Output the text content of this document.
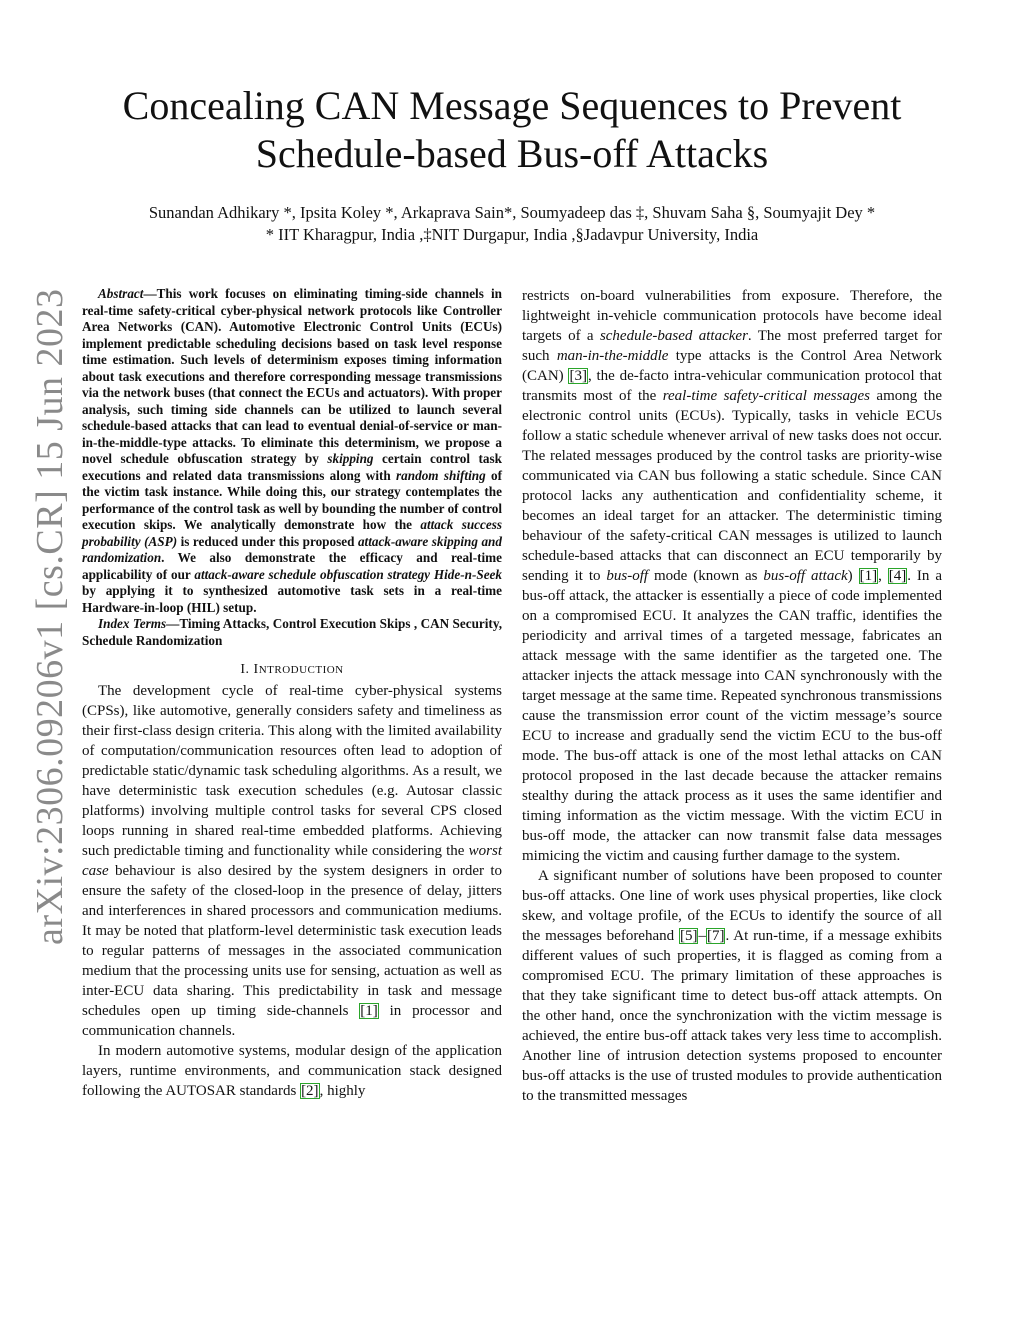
arXiv:2306.09206v1 [cs.CR] 15 Jun 2023
Concealing CAN Message Sequences to Prevent
Schedule-based Bus-off Attacks
Sunandan Adhikary *, Ipsita Koley *, Arkaprava Sain*, Soumyadeep das ‡, Shuvam Saha §, Soumyajit Dey *
* IIT Kharagpur, India ,‡NIT Durgapur, India ,§Jadavpur University, India

Abstract—This work focuses on eliminating timing-side channels in real-time safety-critical cyber-physical network protocols like Controller Area Networks (CAN). Automotive Electronic Control Units (ECUs) implement predictable scheduling decisions based on task level response time estimation. Such levels of determinism exposes timing information about task executions and therefore corresponding message transmissions via the network buses (that connect the ECUs and actuators). With proper analysis, such timing side channels can be utilized to launch several schedule-based attacks that can lead to eventual denial-of-service or man-in-the-middle-type attacks. To eliminate this determinism, we propose a novel schedule obfuscation strategy by skipping certain control task executions and related data transmissions along with random shifting of the victim task instance. While doing this, our strategy contemplates the performance of the control task as well by bounding the number of control execution skips. We analytically demonstrate how the attack success probability (ASP) is reduced under this proposed attack-aware skipping and randomization. We also demonstrate the efficacy and real-time applicability of our attack-aware schedule obfuscation strategy Hide-n-Seek by applying it to synthesized automotive task sets in a real-time Hardware-in-loop (HIL) setup.

Index Terms—Timing Attacks, Control Execution Skips , CAN Security, Schedule Randomization

I. INTRODUCTION

The development cycle of real-time cyber-physical systems (CPSs), like automotive, generally considers safety and timeliness as their first-class design criteria. This along with the limited availability of computation/communication resources often lead to adoption of predictable static/dynamic task scheduling algorithms. As a result, we have deterministic task execution schedules (e.g. Autosar classic platforms) involving multiple control tasks for several CPS closed loops running in shared real-time embedded platforms. Achieving such predictable timing and functionality while considering the worst case behaviour is also desired by the system designers in order to ensure the safety of the closed-loop in the presence of delay, jitters and interferences in shared processors and communication mediums. It may be noted that platform-level deterministic task execution leads to regular patterns of messages in the associated communication medium that the processing units use for sensing, actuation as well as inter-ECU data sharing. This predictability in task and message schedules open up timing side-channels [1] in processor and communication channels.

In modern automotive systems, modular design of the application layers, runtime environments, and communication stack designed following the AUTOSAR standards [2], highly

restricts on-board vulnerabilities from exposure. Therefore, the lightweight in-vehicle communication protocols have become ideal targets of a schedule-based attacker. The most preferred target for such man-in-the-middle type attacks is the Control Area Network (CAN) [3], the de-facto intra-vehicular communication protocol that transmits most of the real-time safety-critical messages among the electronic control units (ECUs). Typically, tasks in vehicle ECUs follow a static schedule whenever arrival of new tasks does not occur. The related messages produced by the control tasks are priority-wise communicated via CAN bus following a static schedule. Since CAN protocol lacks any authentication and confidentiality scheme, it becomes an ideal target for an attacker. The deterministic timing behaviour of the safety-critical CAN messages is utilized to launch schedule-based attacks that can disconnect an ECU temporarily by sending it to bus-off mode (known as bus-off attack) [1], [4]. In a bus-off attack, the attacker is essentially a piece of code implemented on a compromised ECU. It analyzes the CAN traffic, identifies the periodicity and arrival times of a targeted message, fabricates an attack message with the same identifier as the targeted one. The attacker injects the attack message into CAN synchronously with the target message at the same time. Repeated synchronous transmissions cause the transmission error count of the victim message’s source ECU to increase and gradually send the victim ECU to the bus-off mode. The bus-off attack is one of the most lethal attacks on CAN protocol proposed in the last decade because the attacker remains stealthy during the attack process as it uses the same identifier and timing information as the victim message. With the victim ECU in bus-off mode, the attacker can now transmit false data messages mimicing the victim and causing further damage to the system.

A significant number of solutions have been proposed to counter bus-off attacks. One line of work uses physical properties, like clock skew, and voltage profile, of the ECUs to identify the source of all the messages beforehand [5]–[7]. At run-time, if a message exhibits different values of such properties, it is flagged as coming from a compromised ECU. The primary limitation of these approaches is that they take significant time to detect bus-off attack attempts. On the other hand, once the synchronization with the victim message is achieved, the entire bus-off attack takes very less time to accomplish. Another line of intrusion detection systems proposed to encounter bus-off attacks is the use of trusted modules to provide authentication to the transmitted messages
